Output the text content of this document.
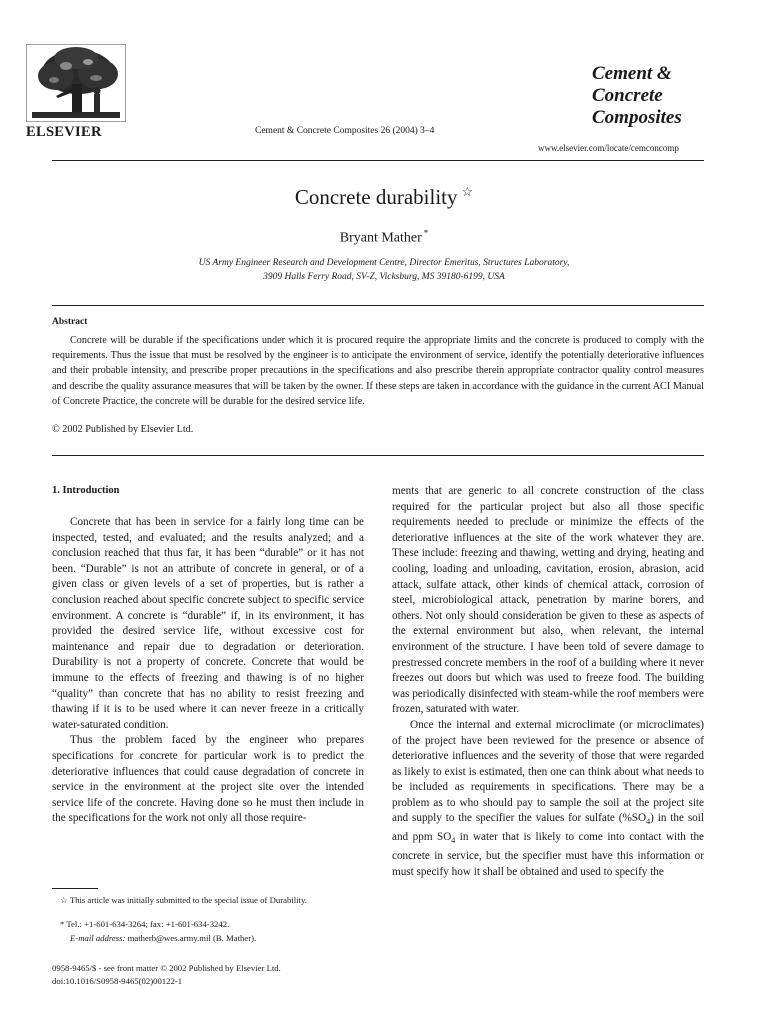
ELSEVIER	Cement & Concrete Composites 26 (2004) 3–4
Cement &
Concrete
Composites
www.elsevier.com/locate/cemconcomp
Concrete durability ☆
Bryant Mather *
US Army Engineer Research and Development Centre, Director Emeritus, Structures Laboratory,
3909 Halls Ferry Road, SV-Z, Vicksburg, MS 39180-6199, USA
Abstract

Concrete will be durable if the specifications under which it is procured require the appropriate limits and the concrete is produced to comply with the requirements. Thus the issue that must be resolved by the engineer is to anticipate the environment of service, identify the potentially deteriorative influences and their probable intensity, and prescribe proper precautions in the specifications and also prescribe therein appropriate contractor quality control measures and describe the quality assurance measures that will be taken by the owner. If these steps are taken in accordance with the guidance in the current ACI Manual of Concrete Practice, the concrete will be durable for the desired service life.

© 2002 Published by Elsevier Ltd.
1. Introduction

Concrete that has been in service for a fairly long time can be inspected, tested, and evaluated; and the results analyzed; and a conclusion reached that thus far, it has been “durable” or it has not been. “Durable” is not an attribute of concrete in general, or of a given class or given levels of a set of properties, but is rather a conclusion reached about specific concrete subject to specific service environment. A concrete is “durable” if, in its environment, it has provided the desired service life, without excessive cost for maintenance and repair due to degradation or deterioration. Durability is not a property of concrete. Concrete that would be immune to the effects of freezing and thawing is of no higher “quality” than concrete that has no ability to resist freezing and thawing if it is to be used where it can never freeze in a critically water-saturated condition.

Thus the problem faced by the engineer who prepares specifications for concrete for particular work is to predict the deteriorative influences that could cause degradation of concrete in service in the environment at the project site over the intended service life of the concrete. Having done so he must then include in the specifications for the work not only all those require-

☆ This article was initially submitted to the special issue of Durability.
* Tel.: +1-601-634-3264; fax: +1-601-634-3242.
E-mail address: matherb@wes.army.mil (B. Mather).
0958-9465/$ - see front matter © 2002 Published by Elsevier Ltd.
doi:10.1016/S0958-9465(02)00122-1

ments that are generic to all concrete construction of the class required for the particular project but also all those specific requirements needed to preclude or minimize the effects of the deteriorative influences at the site of the work whatever they are. These include: freezing and thawing, wetting and drying, heating and cooling, loading and unloading, cavitation, erosion, abrasion, acid attack, sulfate attack, other kinds of chemical attack, corrosion of steel, microbiological attack, penetration by marine borers, and others. Not only should consideration be given to these as aspects of the external environment but also, when relevant, the internal environment of the structure. I have been told of severe damage to prestressed concrete members in the roof of a building where it never freezes out doors but which was used to freeze food. The building was periodically disinfected with steam-while the roof members were frozen, saturated with water.

Once the internal and external microclimate (or microclimates) of the project have been reviewed for the presence or absence of deteriorative influences and the severity of those that were regarded as likely to exist is estimated, then one can think about what needs to be included as requirements in specifications. There may be a problem as to who should pay to sample the soil at the project site and supply to the specifier the values for sulfate $(\%SO_4)$ in the soil and ppm $SO_4$ in water that is likely to come into contact with the concrete in service, but the specifier must have this information or must specify how it shall be obtained and used to specify the
